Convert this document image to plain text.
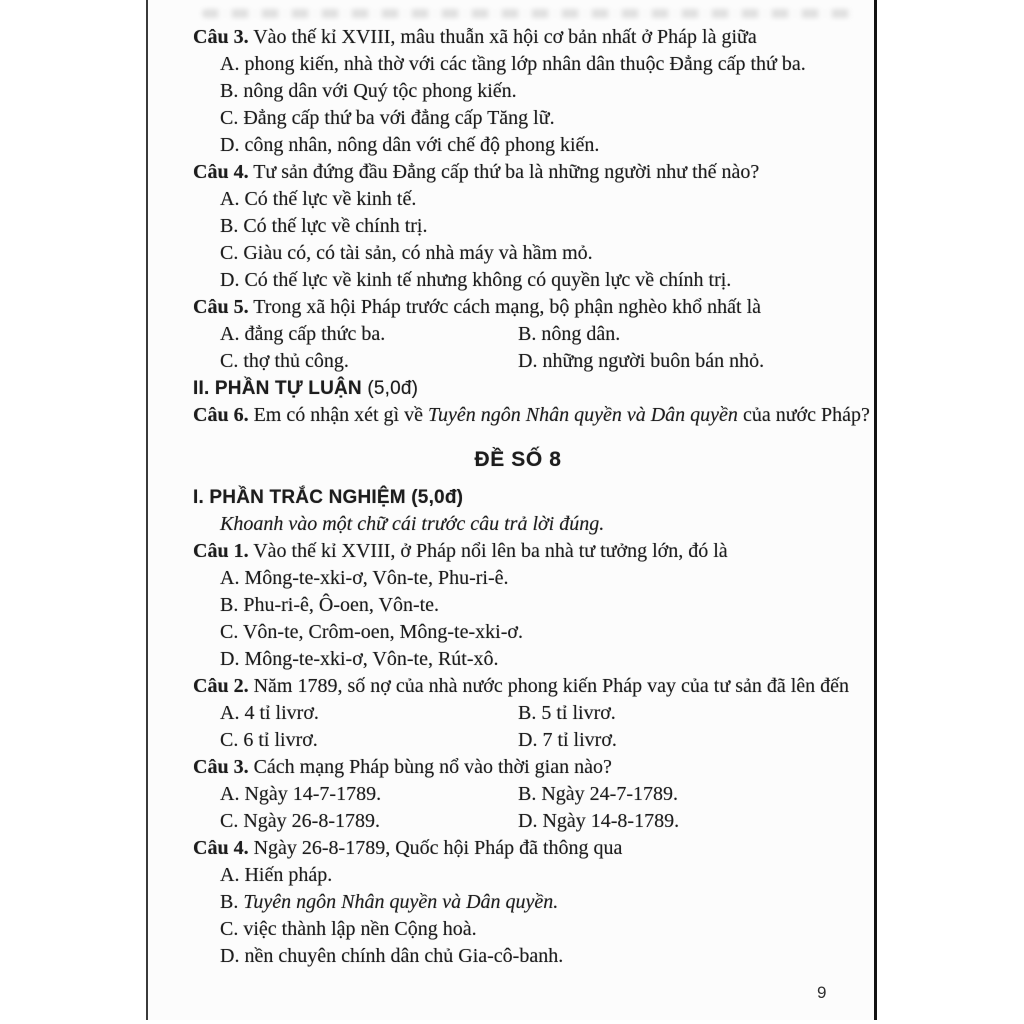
Câu 3. Vào thế kỉ XVIII, mâu thuẫn xã hội cơ bản nhất ở Pháp là giữa
A. phong kiến, nhà thờ với các tầng lớp nhân dân thuộc Đẳng cấp thứ ba.
B. nông dân với Quý tộc phong kiến.
C. Đẳng cấp thứ ba với đẳng cấp Tăng lữ.
D. công nhân, nông dân với chế độ phong kiến.
Câu 4. Tư sản đứng đầu Đẳng cấp thứ ba là những người như thế nào?
A. Có thế lực về kinh tế.
B. Có thế lực về chính trị.
C. Giàu có, có tài sản, có nhà máy và hầm mỏ.
D. Có thế lực về kinh tế nhưng không có quyền lực về chính trị.
Câu 5. Trong xã hội Pháp trước cách mạng, bộ phận nghèo khổ nhất là
A. đẳng cấp thức ba.	B. nông dân.
C. thợ thủ công.	D. những người buôn bán nhỏ.
II. PHẦN TỰ LUẬN (5,0đ)
Câu 6. Em có nhận xét gì về Tuyên ngôn Nhân quyền và Dân quyền của nước Pháp?
ĐỀ SỐ 8
I. PHẦN TRẮC NGHIỆM (5,0đ)
Khoanh vào một chữ cái trước câu trả lời đúng.
Câu 1. Vào thế kỉ XVIII, ở Pháp nổi lên ba nhà tư tưởng lớn, đó là
A. Mông-te-xki-ơ, Vôn-te, Phu-ri-ê.
B. Phu-ri-ê, Ô-oen, Vôn-te.
C. Vôn-te, Crôm-oen, Mông-te-xki-ơ.
D. Mông-te-xki-ơ, Vôn-te, Rút-xô.
Câu 2. Năm 1789, số nợ của nhà nước phong kiến Pháp vay của tư sản đã lên đến
A. 4 tỉ livrơ.	B. 5 tỉ livrơ.
C. 6 tỉ livrơ.	D. 7 tỉ livrơ.
Câu 3. Cách mạng Pháp bùng nổ vào thời gian nào?
A. Ngày 14-7-1789.	B. Ngày 24-7-1789.
C. Ngày 26-8-1789.	D. Ngày 14-8-1789.
Câu 4. Ngày 26-8-1789, Quốc hội Pháp đã thông qua
A. Hiến pháp.
B. Tuyên ngôn Nhân quyền và Dân quyền.
C. việc thành lập nền Cộng hoà.
D. nền chuyên chính dân chủ Gia-cô-banh.
9
